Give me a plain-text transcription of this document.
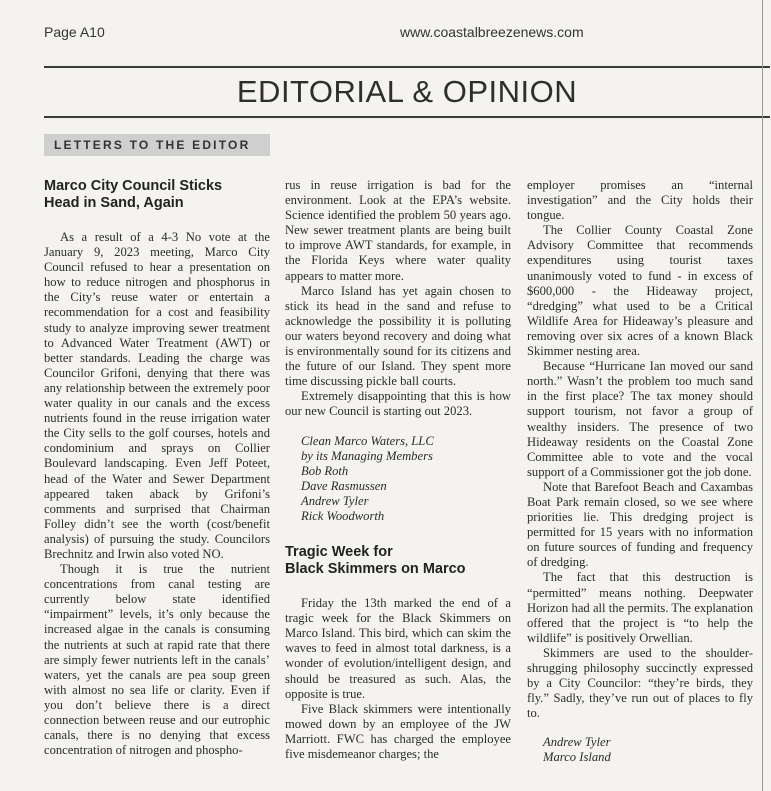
Page A10	www.coastalbreezenews.com
EDITORIAL & OPINION
LETTERS TO THE EDITOR
Marco City Council Sticks
Head in Sand, Again

As a result of a 4-3 No vote at the January 9, 2023 meeting, Marco City Council refused to hear a presentation on how to reduce nitrogen and phosphorus in the City’s reuse water or entertain a recommendation for a cost and feasibility study to analyze improving sewer treatment to Advanced Water Treatment (AWT) or better standards. Leading the charge was Councilor Grifoni, denying that there was any relationship between the extremely poor water quality in our canals and the excess nutrients found in the reuse irrigation water the City sells to the golf courses, hotels and condominium and sprays on Collier Boulevard landscaping. Even Jeff Poteet, head of the Water and Sewer Department appeared taken aback by Grifoni’s comments and surprised that Chairman Folley didn’t see the worth (cost/benefit analysis) of pursuing the study. Councilors Brechnitz and Irwin also voted NO.

Though it is true the nutrient concentrations from canal testing are currently below state identified “impairment” levels, it’s only because the increased algae in the canals is consuming the nutrients at such at rapid rate that there are simply fewer nutrients left in the canals’ waters, yet the canals are pea soup green with almost no sea life or clarity. Even if you don’t believe there is a direct connection between reuse and our eutrophic canals, there is no denying that excess concentration of nitrogen and phospho-

rus in reuse irrigation is bad for the environment. Look at the EPA’s website. Science identified the problem 50 years ago. New sewer treatment plants are being built to improve AWT standards, for example, in the Florida Keys where water quality appears to matter more.

Marco Island has yet again chosen to stick its head in the sand and refuse to acknowledge the possibility it is polluting our waters beyond recovery and doing what is environmentally sound for its citizens and the future of our Island. They spent more time discussing pickle ball courts.

Extremely disappointing that this is how our new Council is starting out 2023.

Clean Marco Waters, LLC
by its Managing Members
Bob Roth
Dave Rasmussen
Andrew Tyler
Rick Woodworth
Tragic Week for
Black Skimmers on Marco

Friday the 13th marked the end of a tragic week for the Black Skimmers on Marco Island. This bird, which can skim the waves to feed in almost total darkness, is a wonder of evolution/intelligent design, and should be treasured as such. Alas, the opposite is true.

Five Black skimmers were intentionally mowed down by an employee of the JW Marriott. FWC has charged the employee five misdemeanor charges; the

employer promises an “internal investigation” and the City holds their tongue.

The Collier County Coastal Zone Advisory Committee that recommends expenditures using tourist taxes unanimously voted to fund - in excess of $600,000 - the Hideaway project, “dredging” what used to be a Critical Wildlife Area for Hideaway’s pleasure and removing over six acres of a known Black Skimmer nesting area.

Because “Hurricane Ian moved our sand north.” Wasn’t the problem too much sand in the first place? The tax money should support tourism, not favor a group of wealthy insiders. The presence of two Hideaway residents on the Coastal Zone Committee able to vote and the vocal support of a Commissioner got the job done.

Note that Barefoot Beach and Caxambas Boat Park remain closed, so we see where priorities lie. This dredging project is permitted for 15 years with no information on future sources of funding and frequency of dredging.

The fact that this destruction is “permitted” means nothing. Deepwater Horizon had all the permits. The explanation offered that the project is “to help the wildlife” is positively Orwellian.

Skimmers are used to the shoulder-shrugging philosophy succinctly expressed by a City Councilor: “they’re birds, they fly.” Sadly, they’ve run out of places to fly to.

Andrew Tyler
Marco Island
